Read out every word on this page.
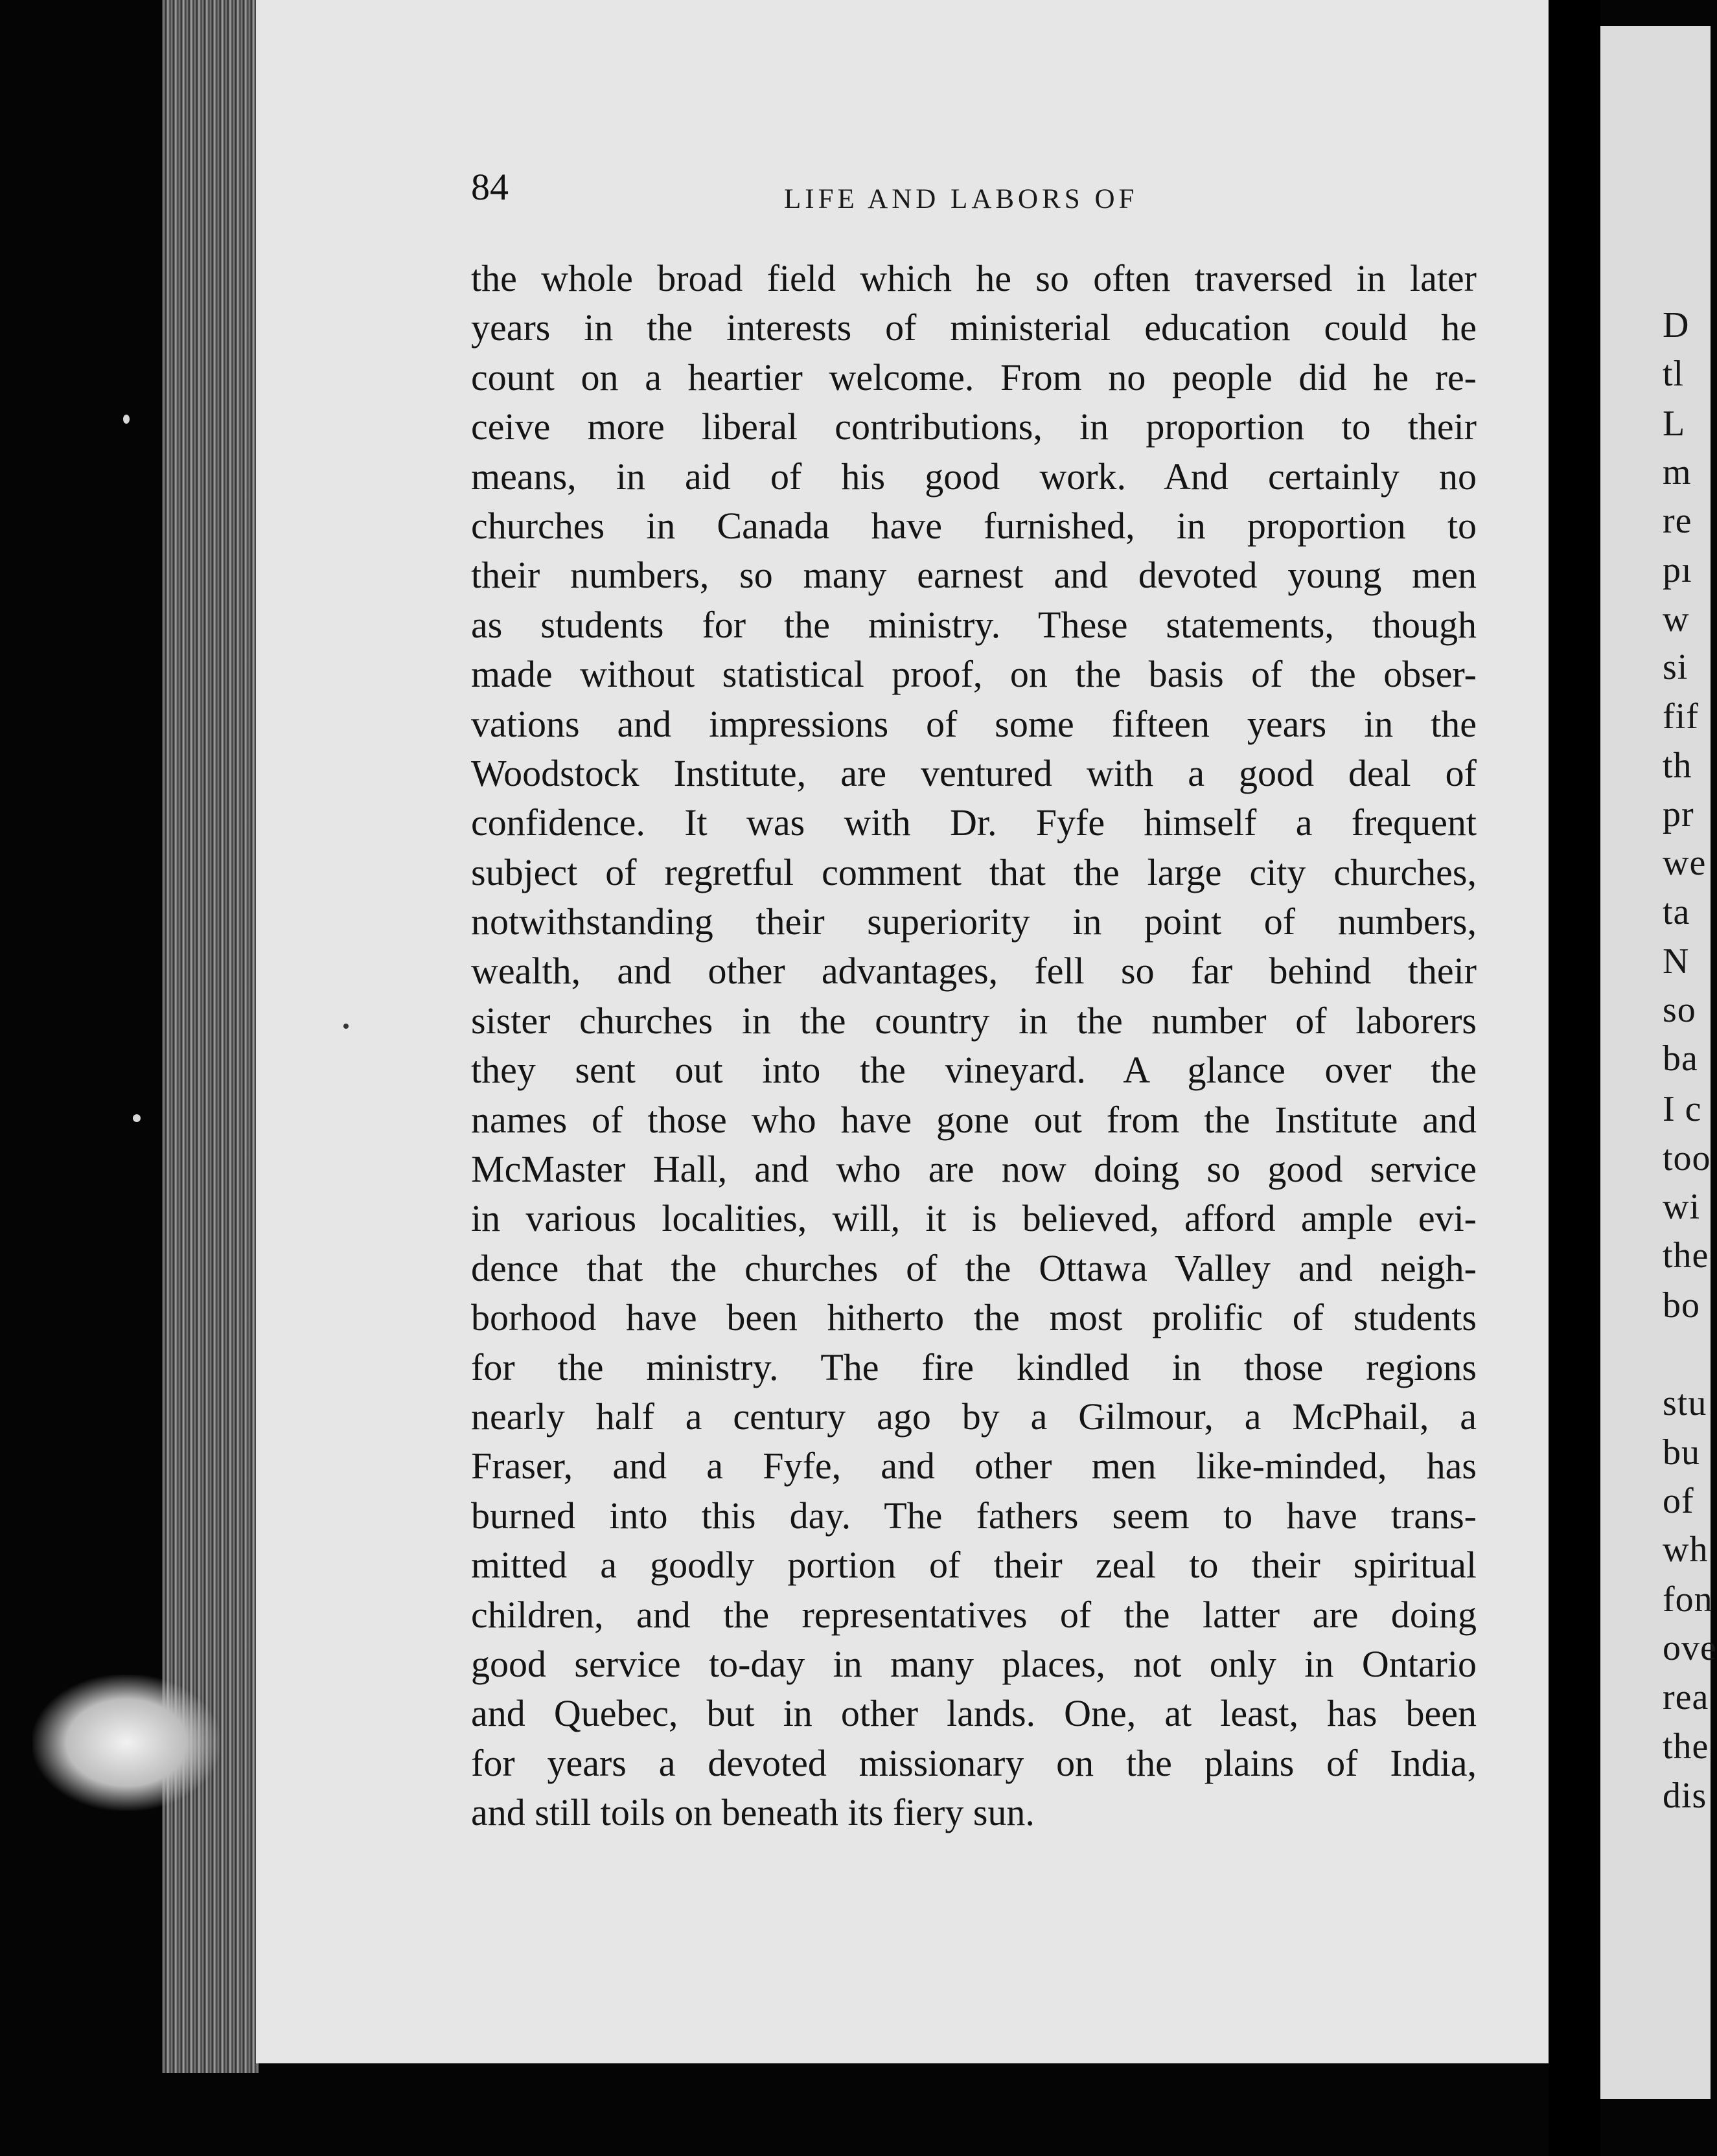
84	LIFE AND LABORS OF
the whole broad field which he so often traversed in later
years in the interests of ministerial education could he
count on a heartier welcome. From no people did he re-
ceive more liberal contributions, in proportion to their
means, in aid of his good work. And certainly no
churches in Canada have furnished, in proportion to
their numbers, so many earnest and devoted young men
as students for the ministry. These statements, though
made without statistical proof, on the basis of the obser-
vations and impressions of some fifteen years in the
Woodstock Institute, are ventured with a good deal of
confidence. It was with Dr. Fyfe himself a frequent
subject of regretful comment that the large city churches,
notwithstanding their superiority in point of numbers,
wealth, and other advantages, fell so far behind their
sister churches in the country in the number of laborers
they sent out into the vineyard. A glance over the
names of those who have gone out from the Institute and
McMaster Hall, and who are now doing so good service
in various localities, will, it is believed, afford ample evi-
dence that the churches of the Ottawa Valley and neigh-
borhood have been hitherto the most prolific of students
for the ministry. The fire kindled in those regions
nearly half a century ago by a Gilmour, a McPhail, a
Fraser, and a Fyfe, and other men like-minded, has
burned into this day. The fathers seem to have trans-
mitted a goodly portion of their zeal to their spiritual
children, and the representatives of the latter are doing
good service to-day in many places, not only in Ontario
and Quebec, but in other lands. One, at least, has been
for years a devoted missionary on the plains of India,
and still toils on beneath its fiery sun.
D
tl
L
m
re
pı
w
si
fif
th
pr
we
ta
N
so
ba
I c
too
wi
the
bo
stu
bu
of
wh
fon
ove
rea
the
dis
